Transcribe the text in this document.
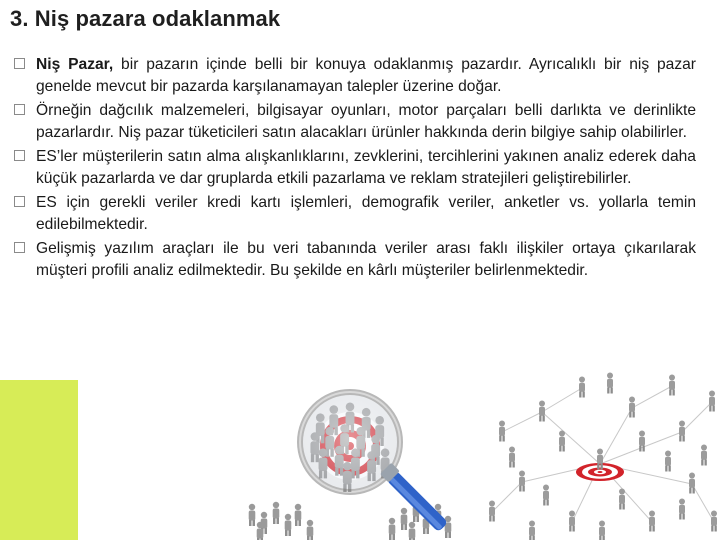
3. Niş pazara odaklanmak
Niş Pazar, bir pazarın içinde belli bir konuya odaklanmış pazardır. Ayrıcalıklı bir niş pazar genelde mevcut bir pazarda karşılanamayan talepler üzerine doğar.
Örneğin dağcılık malzemeleri, bilgisayar oyunları, motor parçaları belli darlıkta ve derinlikte pazarlardır. Niş pazar tüketicileri satın alacakları ürünler hakkında derin bilgiye sahip olabilirler.
ES’ler müşterilerin satın alma alışkanlıklarını, zevklerini, tercihlerini yakınen analiz ederek daha küçük pazarlarda ve dar gruplarda etkili pazarlama ve reklam stratejileri geliştirebilirler.
ES için gerekli veriler kredi kartı işlemleri, demografik veriler, anketler vs. yollarla temin edilebilmektedir.
Gelişmiş yazılım araçları ile bu veri tabanında veriler arası faklı ilişkiler ortaya çıkarılarak müşteri profili analiz edilmektedir. Bu şekilde en kârlı müşteriler belirlenmektedir.
